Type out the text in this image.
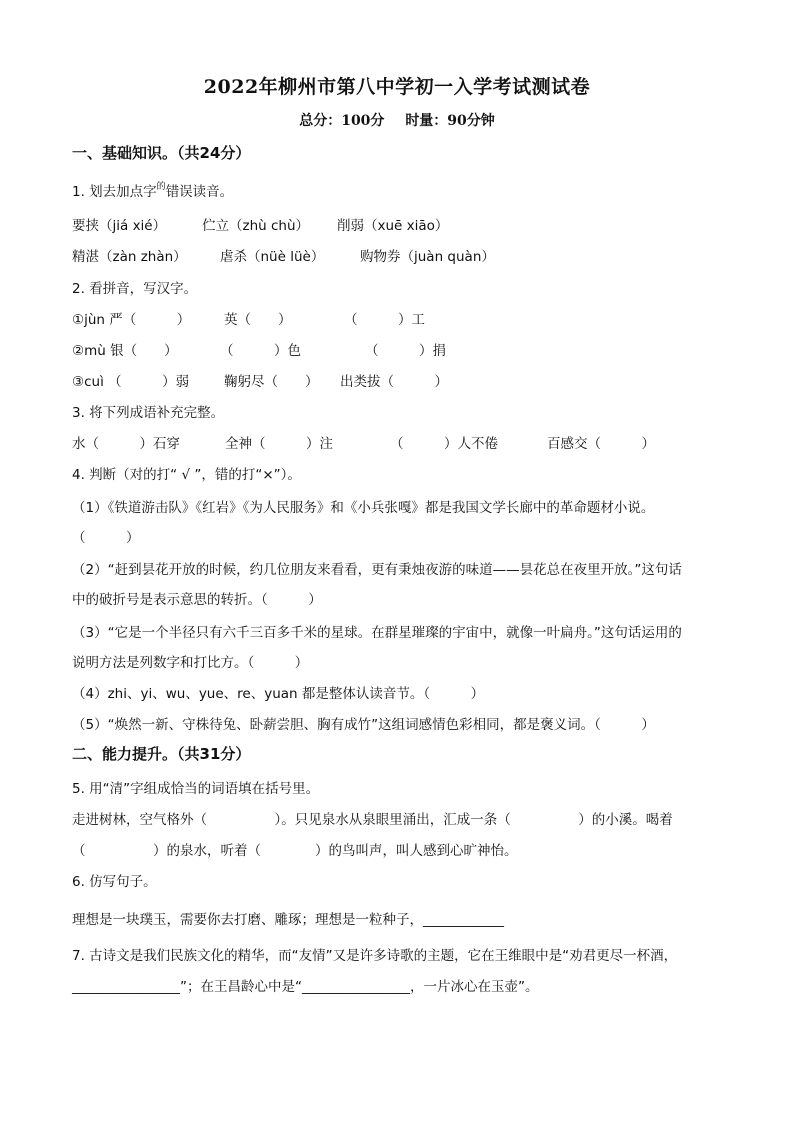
2022年柳州市第八中学初一入学考试测试卷
总分：100分 时量：90分钟
一、基础知识。（共24分）
1. 划去加点字$^的$错误读音。
要挟（jiá xié）	伫立（zhù chù） 削弱（xuē xiāo）
精湛（zàn zhàn） 虐杀（nüè lüè）	购物券（juàn quàn）
2. 看拼音，写汉字。
①jùn 严（　　　） 英（　　）	（　　　）工
②mù 银（　　）	（　　　）色	（　　　）捐
③cuì （　　　）弱	鞠躬尽（　　） 出类拔（　　　）
3. 将下列成语补充完整。
水（　　　）石穿	全神（　　　）注	（　　　）人不倦	百感交（　　　）
4. 判断（对的打“ √ ”，错的打“×”）。
（1）《铁道游击队》《红岩》《为人民服务》和《小兵张嘎》都是我国文学长廊中的革命题材小说。
（　　　）
（2）“赶到昙花开放的时候，约几位朋友来看看，更有秉烛夜游的味道——昙花总在夜里开放。”这句话
中的破折号是表示意思的转折。（　　　）
（3）“它是一个半径只有六千三百多千米的星球。在群星璀璨的宇宙中，就像一叶扁舟。”这句话运用的
说明方法是列数字和打比方。（　　　）
（4）zhi、yi、wu、yue、re、yuan 都是整体认读音节。（　　　）
（5）“焕然一新、守株待兔、卧薪尝胆、胸有成竹”这组词感情色彩相同，都是褒义词。（　　　）
二、能力提升。（共31分）
5. 用“清”字组成恰当的词语填在括号里。
走进树林，空气格外（　　　　　）。只见泉水从泉眼里涌出，汇成一条（　　　　　）的小溪。喝着
（　　　　　）的泉水，听着（　　　　）的鸟叫声，叫人感到心旷神怡。
6. 仿写句子。
理想是一块璞玉，需要你去打磨、雕琢；理想是一粒种子，____________
7. 古诗文是我们民族文化的精华，而“友情”又是许多诗歌的主题，它在王维眼中是“劝君更尽一杯酒，
________________”；在王昌龄心中是“________________，一片冰心在玉壶”。
